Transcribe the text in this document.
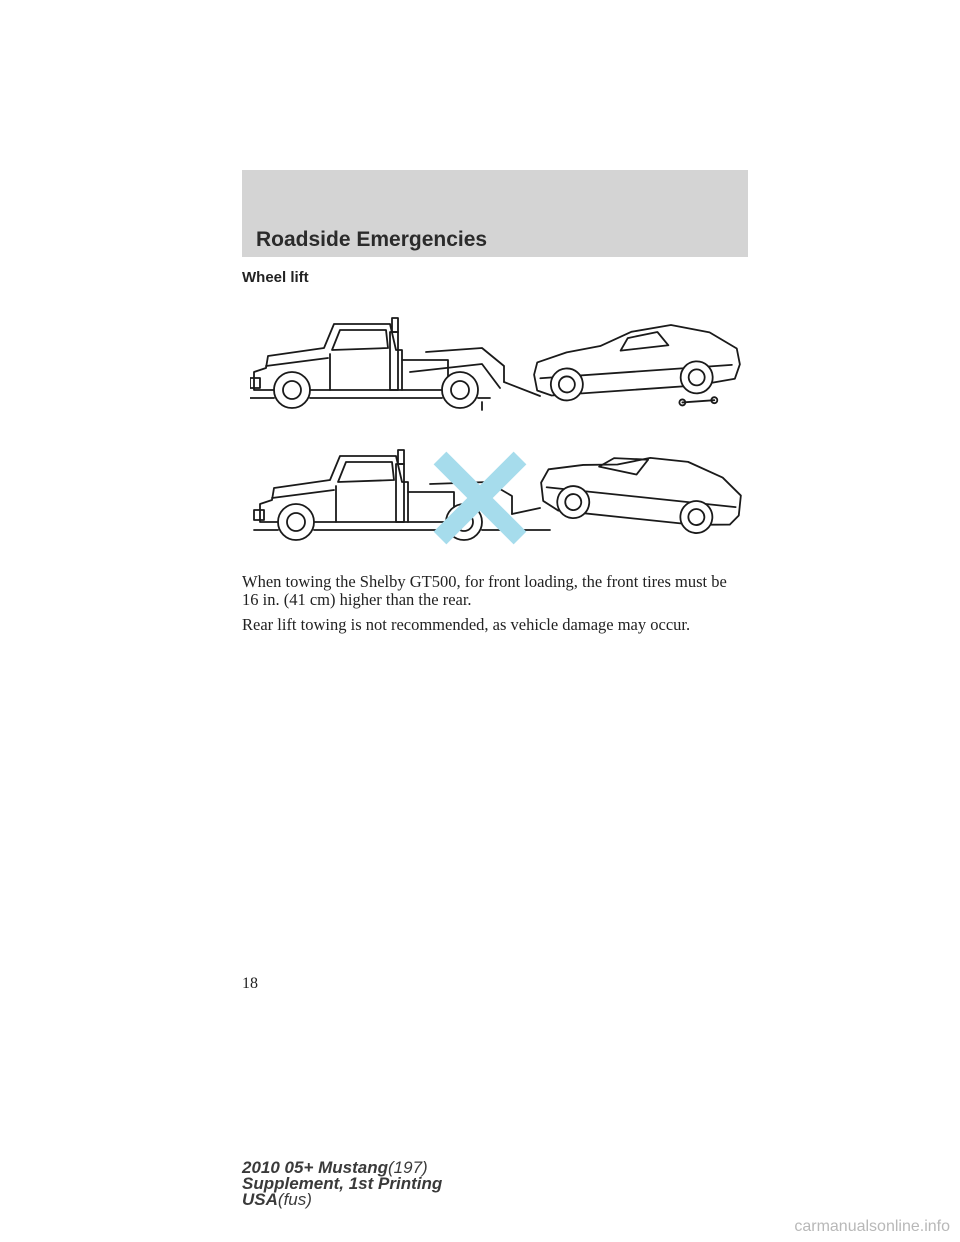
Roadside Emergencies
Wheel lift
When towing the Shelby GT500, for front loading, the front tires must be
16 in. (41 cm) higher than the rear.
Rear lift towing is not recommended, as vehicle damage may occur.
18
2010 05+ Mustang(197)
Supplement, 1st Printing
USA(fus)
carmanualsonline.info
